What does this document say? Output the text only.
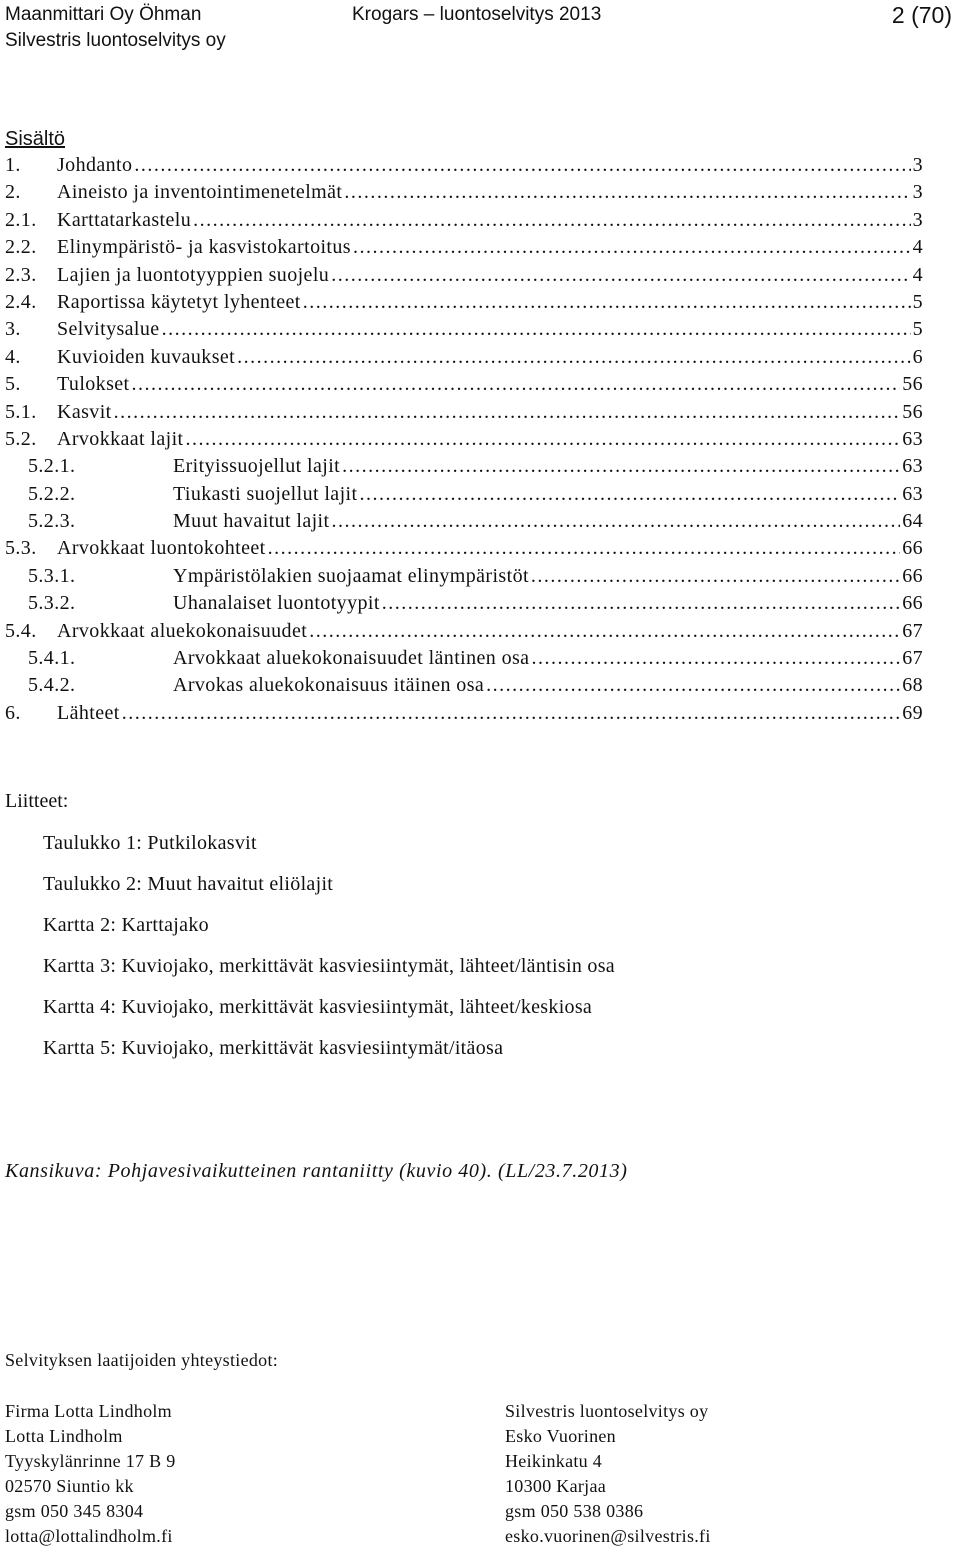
Maanmittari Oy Öhman
Silvestris luontoselvitys oy
Krogars – luontoselvitys 2013	2 (70)
Sisältö
1.	Johdanto .....	3
2.	Aineisto ja inventointimenetelmät .....	3
2.1.	Karttatarkastelu .....	3
2.2.	Elinympäristö- ja kasvistokartoitus .....	4
2.3.	Lajien ja luontotyyppien suojelu .....	4
2.4.	Raportissa käytetyt lyhenteet .....	5
3.	Selvitysalue .....	5
4.	Kuvioiden kuvaukset .....	6
5.	Tulokset .....	56
5.1.	Kasvit .....	56
5.2.	Arvokkaat lajit .....	63
5.2.1.	Erityissuojellut lajit .....	63
5.2.2.	Tiukasti suojellut lajit .....	63
5.2.3.	Muut havaitut lajit .....	64
5.3.	Arvokkaat luontokohteet .....	66
5.3.1.	Ympäristölakien suojaamat elinympäristöt .....	66
5.3.2.	Uhanalaiset luontotyypit .....	66
5.4.	Arvokkaat aluekokonaisuudet .....	67
5.4.1.	Arvokkaat aluekokonaisuudet läntinen osa .....	67
5.4.2.	Arvokas aluekokonaisuus itäinen osa .....	68
6.	Lähteet .....	69
Liitteet:
Taulukko 1: Putkilokasvit
Taulukko 2: Muut havaitut eliölajit
Kartta 2: Karttajako
Kartta 3: Kuviojako, merkittävät kasviesiintymät, lähteet/läntisin osa
Kartta 4: Kuviojako, merkittävät kasviesiintymät, lähteet/keskiosa
Kartta 5: Kuviojako, merkittävät kasviesiintymät/itäosa
Kansikuva: Pohjavesivaikutteinen rantaniitty (kuvio 40). (LL/23.7.2013)
Selvityksen laatijoiden yhteystiedot:
Firma Lotta Lindholm
Lotta Lindholm
Tyyskylänrinne 17 B 9
02570 Siuntio kk
gsm 050 345 8304
lotta@lottalindholm.fi
Silvestris luontoselvitys oy
Esko Vuorinen
Heikinkatu 4
10300 Karjaa
gsm 050 538 0386
esko.vuorinen@silvestris.fi
